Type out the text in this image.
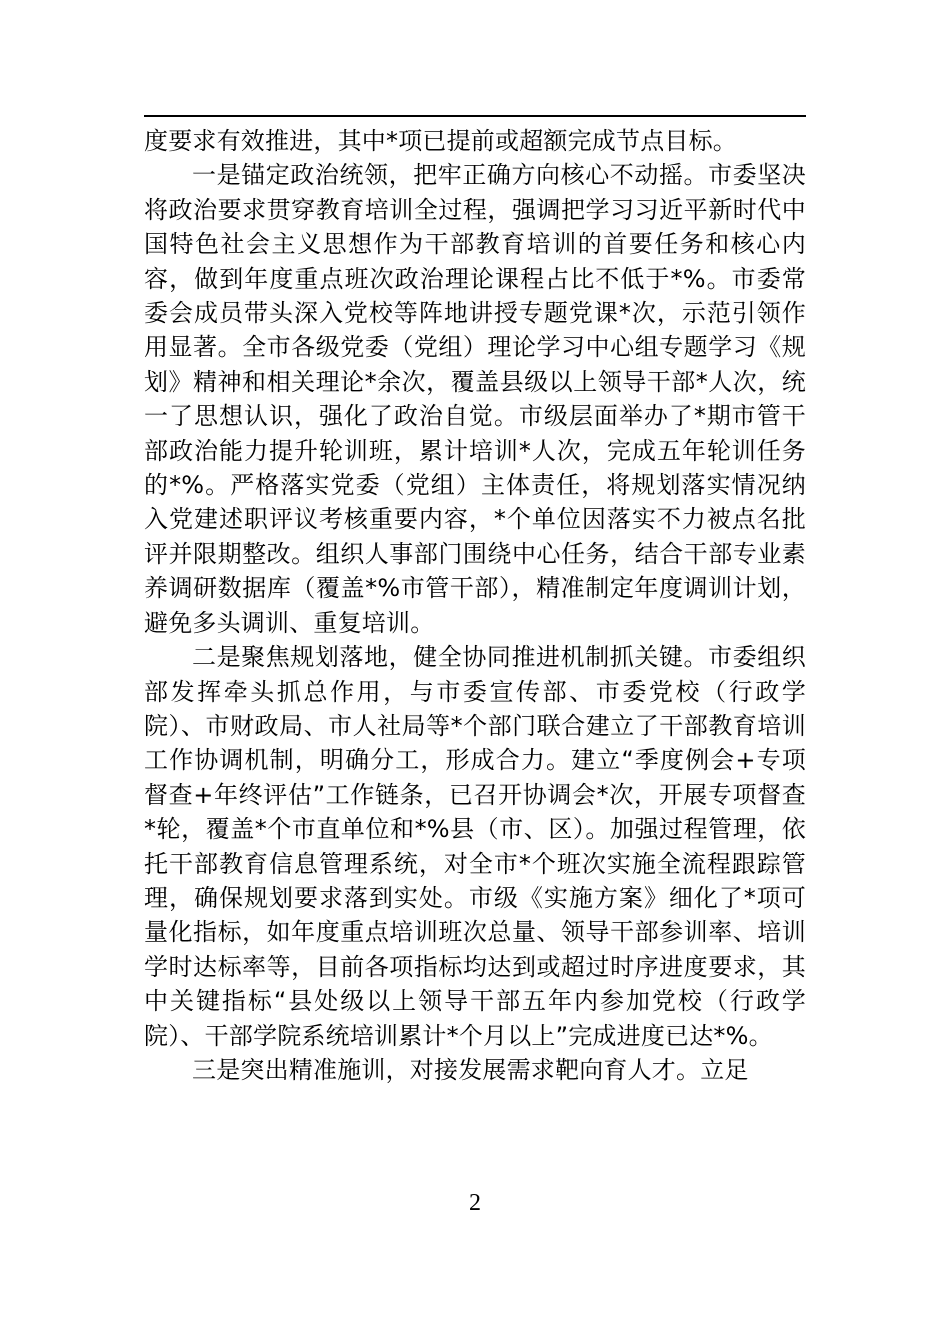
度要求有效推进，其中*项已提前或超额完成节点目标。

一是锚定政治统领，把牢正确方向核心不动摇。市委坚决将政治要求贯穿教育培训全过程，强调把学习习近平新时代中国特色社会主义思想作为干部教育培训的首要任务和核心内容，做到年度重点班次政治理论课程占比不低于*%。市委常委会成员带头深入党校等阵地讲授专题党课*次，示范引领作用显著。全市各级党委（党组）理论学习中心组专题学习《规划》精神和相关理论*余次，覆盖县级以上领导干部*人次，统一了思想认识，强化了政治自觉。市级层面举办了*期市管干部政治能力提升轮训班，累计培训*人次，完成五年轮训任务的*%。严格落实党委（党组）主体责任，将规划落实情况纳入党建述职评议考核重要内容，*个单位因落实不力被点名批评并限期整改。组织人事部门围绕中心任务，结合干部专业素养调研数据库（覆盖*%市管干部），精准制定年度调训计划，避免多头调训、重复培训。

二是聚焦规划落地，健全协同推进机制抓关键。市委组织部发挥牵头抓总作用，与市委宣传部、市委党校（行政学院）、市财政局、市人社局等*个部门联合建立了干部教育培训工作协调机制，明确分工，形成合力。建立“季度例会+专项督查+年终评估”工作链条，已召开协调会*次，开展专项督查*轮，覆盖*个市直单位和*%县（市、区）。加强过程管理，依托干部教育信息管理系统，对全市*个班次实施全流程跟踪管理，确保规划要求落到实处。市级《实施方案》细化了*项可量化指标，如年度重点培训班次总量、领导干部参训率、培训学时达标率等，目前各项指标均达到或超过时序进度要求，其中关键指标“县处级以上领导干部五年内参加党校（行政学院）、干部学院系统培训累计*个月以上”完成进度已达*%。

三是突出精准施训，对接发展需求靶向育人才。立足

2
